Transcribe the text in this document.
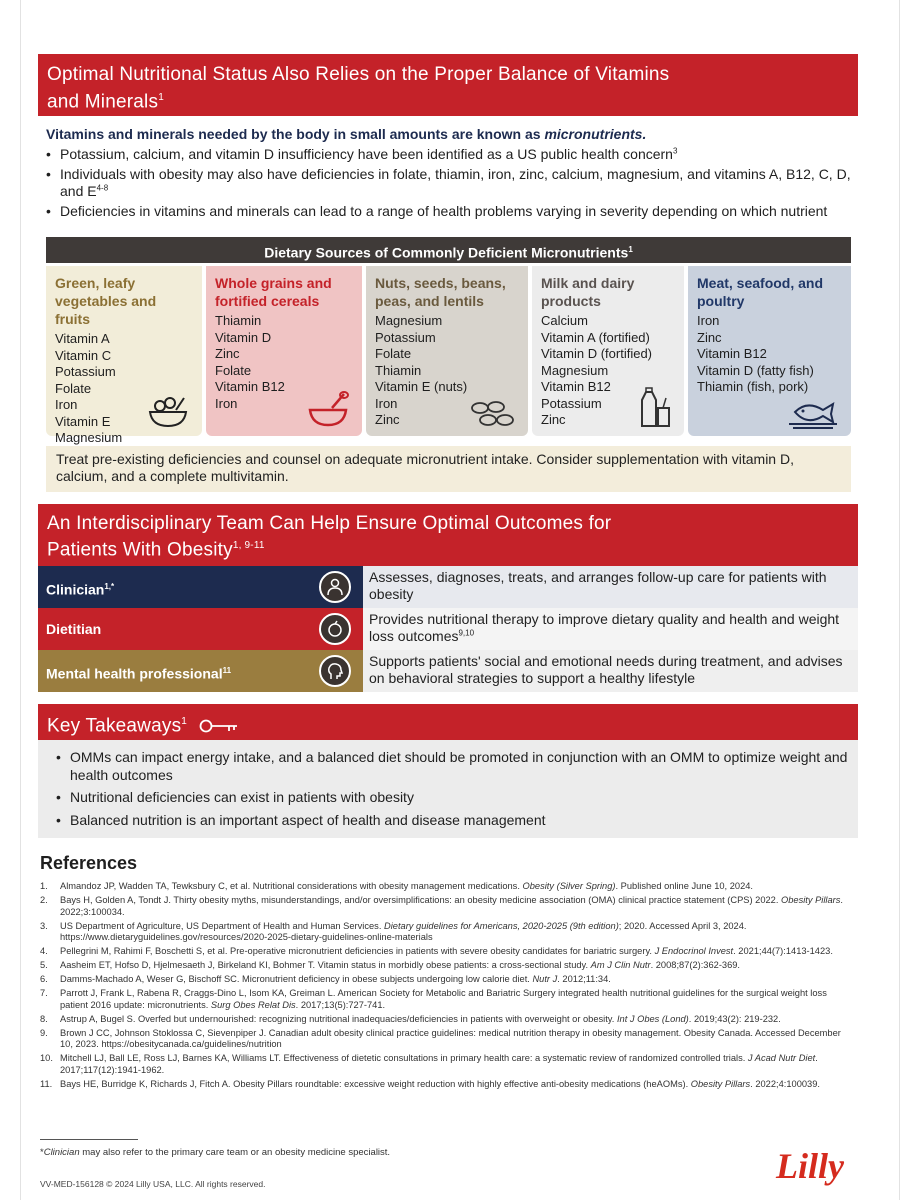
Optimal Nutritional Status Also Relies on the Proper Balance of Vitamins
and Minerals$^1$
Vitamins and minerals needed by the body in small amounts are known as micronutrients.
• Potassium, calcium, and vitamin D insufficiency have been identified as a US public health concern$^3$
• Individuals with obesity may also have deficiencies in folate, thiamin, iron, zinc, calcium, magnesium, and vitamins A, B12, C, D, and E$^{4-8}$
• Deficiencies in vitamins and minerals can lead to a range of health problems varying in severity depending on which nutrient
Dietary Sources of Commonly Deficient Micronutrients$^1$
Green, leafy vegetables and fruits
Vitamin A
Vitamin C
Potassium
Folate
Iron
Vitamin E
Magnesium
Whole grains and fortified cereals
Thiamin
Vitamin D
Zinc
Folate
Vitamin B12
Iron
Nuts, seeds, beans, peas, and lentils
Magnesium
Potassium
Folate
Thiamin
Vitamin E (nuts)
Iron
Zinc
Milk and dairy products
Calcium
Vitamin A (fortified)
Vitamin D (fortified)
Magnesium
Vitamin B12
Potassium
Zinc
Meat, seafood, and poultry
Iron
Zinc
Vitamin B12
Vitamin D (fatty fish)
Thiamin (fish, pork)
Treat pre-existing deficiencies and counsel on adequate micronutrient intake. Consider supplementation with vitamin D, calcium, and a complete multivitamin.
An Interdisciplinary Team Can Help Ensure Optimal Outcomes for
Patients With Obesity$^{1, 9-11}$
Clinician$^{1,*}$
Assesses, diagnoses, treats, and arranges follow-up care for patients with obesity
Dietitian
Provides nutritional therapy to improve dietary quality and health and weight loss outcomes$^{9,10}$
Mental health professional$^{11}$
Supports patients' social and emotional needs during treatment, and advises on behavioral strategies to support a healthy lifestyle
Key Takeaways$^1$
• OMMs can impact energy intake, and a balanced diet should be promoted in conjunction with an OMM to optimize weight and health outcomes
• Nutritional deficiencies can exist in patients with obesity
• Balanced nutrition is an important aspect of health and disease management
References
1. Almandoz JP, Wadden TA, Tewksbury C, et al. Nutritional considerations with obesity management medications. Obesity (Silver Spring). Published online June 10, 2024.
2. Bays H, Golden A, Tondt J. Thirty obesity myths, misunderstandings, and/or oversimplifications: an obesity medicine association (OMA) clinical practice statement (CPS) 2022. Obesity Pillars. 2022;3:100034.
3. US Department of Agriculture, US Department of Health and Human Services. Dietary guidelines for Americans, 2020-2025 (9th edition); 2020. Accessed April 3, 2024. https://www.dietaryguidelines.gov/resources/2020-2025-dietary-guidelines-online-materials
4. Pellegrini M, Rahimi F, Boschetti S, et al. Pre-operative micronutrient deficiencies in patients with severe obesity candidates for bariatric surgery. J Endocrinol Invest. 2021;44(7):1413-1423.
5. Aasheim ET, Hofso D, Hjelmesaeth J, Birkeland KI, Bohmer T. Vitamin status in morbidly obese patients: a cross-sectional study. Am J Clin Nutr. 2008;87(2):362-369.
6. Damms-Machado A, Weser G, Bischoff SC. Micronutrient deficiency in obese subjects undergoing low calorie diet. Nutr J. 2012;11:34.
7. Parrott J, Frank L, Rabena R, Craggs-Dino L, Isom KA, Greiman L. American Society for Metabolic and Bariatric Surgery integrated health nutritional guidelines for the surgical weight loss patient 2016 update: micronutrients. Surg Obes Relat Dis. 2017;13(5):727-741.
8. Astrup A, Bugel S. Overfed but undernourished: recognizing nutritional inadequacies/deficiencies in patients with overweight or obesity. Int J Obes (Lond). 2019;43(2): 219-232.
9. Brown J CC, Johnson Stoklossa C, Sievenpiper J. Canadian adult obesity clinical practice guidelines: medical nutrition therapy in obesity management. Obesity Canada. Accessed December 10, 2023. https://obesitycanada.ca/guidelines/nutrition
10. Mitchell LJ, Ball LE, Ross LJ, Barnes KA, Williams LT. Effectiveness of dietetic consultations in primary health care: a systematic review of randomized controlled trials. J Acad Nutr Diet. 2017;117(12):1941-1962.
11. Bays HE, Burridge K, Richards J, Fitch A. Obesity Pillars roundtable: excessive weight reduction with highly effective anti-obesity medications (heAOMs). Obesity Pillars. 2022;4:100039.
*Clinician may also refer to the primary care team or an obesity medicine specialist.
VV-MED-156128 © 2024 Lilly USA, LLC. All rights reserved.	Lilly
